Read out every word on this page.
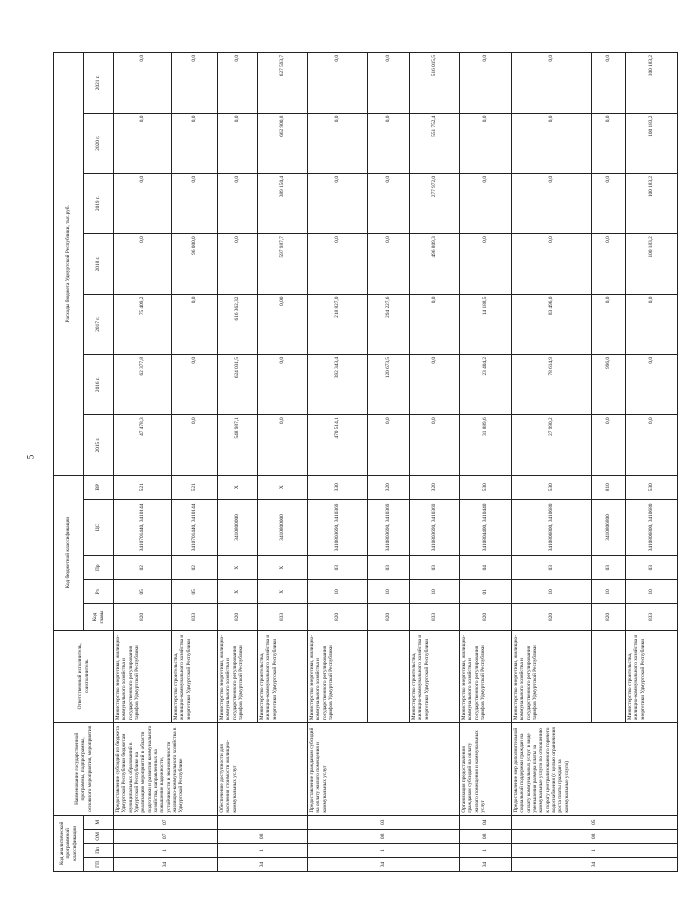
5
Код аналитической программной классификации				Наименование государственной программы, подпрограммы, основного мероприятия, мероприятия	Ответственный исполнитель, соисполнитель	Код бюджетной классификации					Расходы бюджета Удмуртской Республики, тыс.руб.						
ГП	Пп	ОМ	М			Код главы	Рз	Пр	ЦС	ВР	2015 г.	2016 г.	2017 г.	2018 г.	2019 г.	2020 г.	2021 г.
34	1	07	07	Предоставление субсидий из бюджета Удмуртской Республики бюджетам муниципальных образований в Удмуртской Республике на реализацию мероприятий в области подготовки и развития коммунального хозяйства, направленных на повышение надежности, устойчивости и экономичности жилищно-коммунального хозяйства в Удмуртской Республике	Министерство энергетики, жилищно-коммунального хозяйства и государственного регулирования тарифов Удмуртской Республики	820	05	02	3410701440, 3410144	521	47 478,3	62 377,8	75 409,2	0,0	0,0	0,0	0,0
					Министерство строительства, жилищно-коммунального хозяйства и энергетики Удмуртской Республики	833	05	02	3410701440, 3410144	521	0,0	0,0	0,0	96 000,0	0,0	0,0	0,0
34	1	08		Обеспечение доступности для населения стоимости жилищно-коммунальных услуг	Министерство энергетики, жилищно-коммунального хозяйства и государственного регулирования тарифов Удмуртской Республики	820	X	X	3410800000	X	548 987,1	624 031,5	616 362,32	0,0	0,0	0,0	0,0
					Министерство строительства, жилищно-коммунального хозяйства и энергетики Удмуртской Республики	833	X	X	3410800000	X	0,0	0,0	0,00	597 987,7	389 150,4	662 900,8	627 593,7
34	1	08	03	Предоставление гражданам субсидий на оплату жилого помещения и коммунальных услуг	Министерство энергетики, жилищно-коммунального хозяйства и государственного регулирования тарифов Удмуртской Республики	820	10	03	3410803690, 3410369	330	470 514,1	392 343,4	218 827,0	0,0	0,0	0,0	0,0
						820	10	03	3410803690, 3410369	320	0,0	120 673,5	294 227,6	0,0	0,0	0,0	0,0
					Министерство строительства, жилищно-коммунального хозяйства и энергетики Удмуртской Республики	833	10	03	3410803690, 3410369	320	0,0	0,0	0,0	496 809,3	277 972,0	551 752,4	516 015,5
34	1	08	04	Организация предоставления гражданам субсидий на оплату жилого помещения и коммунальных услуг	Министерство энергетики, жилищно-коммунального хозяйства и государственного регулирования тарифов Удмуртской Республики	820	01	04	3410804400, 3410440	530	31 889,6	23 404,2	14 188,5	0,0	0,0	0,0	0,0
34	1	08	05	Предоставление мер дополнительной социальной поддержки граждан на оплату коммунальных услуг в виде уменьшения размера платы за коммунальные услуги по отношению к порогу централизованного горячего водоснабжения (с целью ограничения роста платы граждан за коммунальные услуги)	Министерство энергетики, жилищно-коммунального хозяйства и государственного регулирования тарифов Удмуртской Республики	820	10	03	3410806800, 3410680	530	27 990,2	78 614,9	83 496,0	0,0	0,0	0,0	0,0
						820	10	03	3410806800	810	0,0	996,0	0,0	0,0	0,0	0,0	0,0
					Министерство строительства, жилищно-коммунального хозяйства и энергетики Удмуртской Республики	833	10	03	3410806800, 3410680	530	0,0	0,0	0,0	100 183,2	100 183,2	100 183,2	100 183,2
